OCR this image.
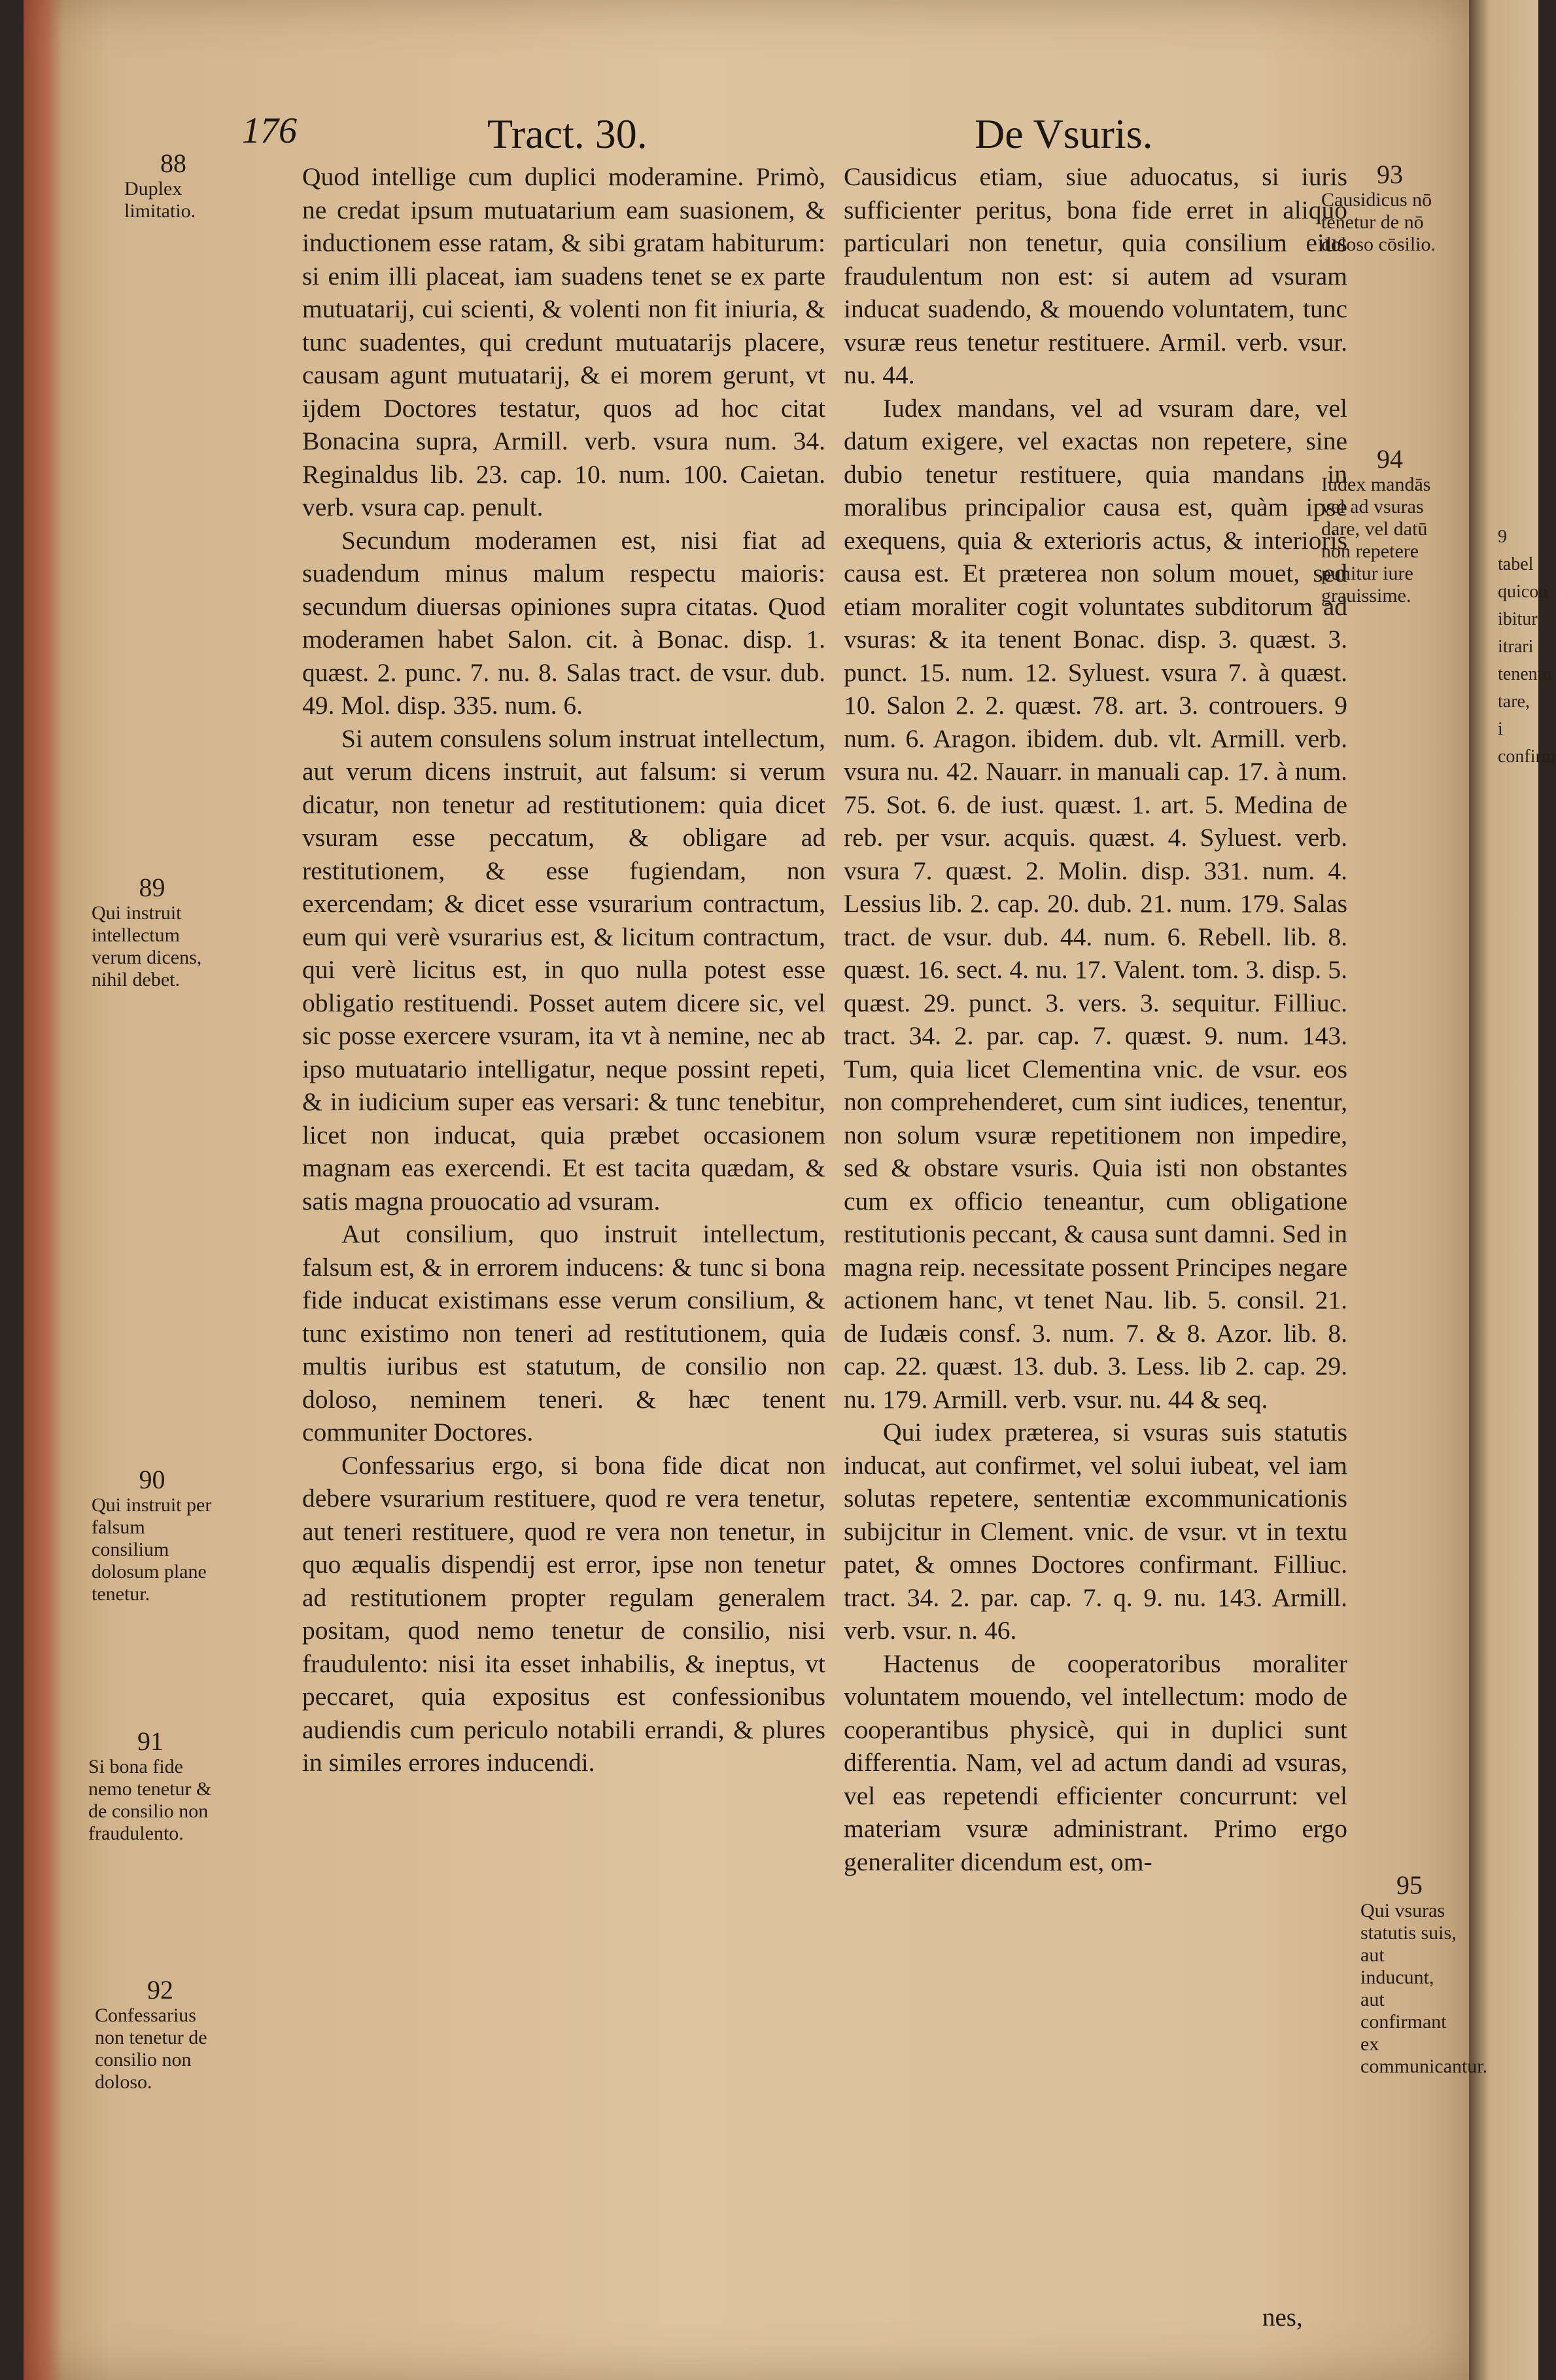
9 tabel quicon ibitur itrari tenentu tare, i confirm
176	Tract. 30.	De Vsuris.
88
Duplex limitatio.
89
Qui instruit intellectum verum dicens, nihil debet.
90
Qui instruit per falsum consilium dolosum plane tenetur.
91
Si bona fide nemo tenetur & de consilio non fraudulento.
92
Confessarius non tenetur de consilio non doloso.
93
Causidicus nō tenetur de nō doloso cōsilio.
94
Iudex mandās vel ad vsuras dare, vel datū non repetere punitur iure grauissime.
95
Qui vsuras statutis suis, aut inducunt, aut confirmant ex communicantur.

Quod intellige cum duplici moderamine. Primò, ne credat ipsum mutuatarium eam suasionem, & inductionem esse ratam, & sibi gratam habiturum: si enim illi placeat, iam suadens tenet se ex parte mutuatarij, cui scienti, & volenti non fit iniuria, & tunc suadentes, qui credunt mutuatarijs placere, causam agunt mutuatarij, & ei morem gerunt, vt ijdem Doctores testatur, quos ad hoc citat Bonacina supra, Armill. verb. vsura num. 34. Reginaldus lib. 23. cap. 10. num. 100. Caietan. verb. vsura cap. penult.

Secundum moderamen est, nisi fiat ad suadendum minus malum respectu maioris: secundum diuersas opiniones supra citatas. Quod moderamen habet Salon. cit. à Bonac. disp. 1. quæst. 2. punc. 7. nu. 8. Salas tract. de vsur. dub. 49. Mol. disp. 335. num. 6.

Si autem consulens solum instruat intellectum, aut verum dicens instruit, aut falsum: si verum dicatur, non tenetur ad restitutionem: quia dicet vsuram esse peccatum, & obligare ad restitutionem, & esse fugiendam, non exercendam; & dicet esse vsurarium contractum, eum qui verè vsurarius est, & licitum contractum, qui verè licitus est, in quo nulla potest esse obligatio restituendi. Posset autem dicere sic, vel sic posse exercere vsuram, ita vt à nemine, nec ab ipso mutuatario intelligatur, neque possint repeti, & in iudicium super eas versari: & tunc tenebitur, licet non inducat, quia præbet occasionem magnam eas exercendi. Et est tacita quædam, & satis magna prouocatio ad vsuram.

Aut consilium, quo instruit intellectum, falsum est, & in errorem inducens: & tunc si bona fide inducat existimans esse verum consilium, & tunc existimo non teneri ad restitutionem, quia multis iuribus est statutum, de consilio non doloso, neminem teneri. & hæc tenent communiter Doctores.

Confessarius ergo, si bona fide dicat non debere vsurarium restituere, quod re vera tenetur, aut teneri restituere, quod re vera non tenetur, in quo æqualis dispendij est error, ipse non tenetur ad restitutionem propter regulam generalem positam, quod nemo tenetur de consilio, nisi fraudulento: nisi ita esset inhabilis, & ineptus, vt peccaret, quia expositus est confessionibus audiendis cum periculo notabili errandi, & plures in similes errores inducendi.

Causidicus etiam, siue aduocatus, si iuris sufficienter peritus, bona fide erret in aliquo particulari non tenetur, quia consilium eius fraudulentum non est: si autem ad vsuram inducat suadendo, & mouendo voluntatem, tunc vsuræ reus tenetur restituere. Armil. verb. vsur. nu. 44.

Iudex mandans, vel ad vsuram dare, vel datum exigere, vel exactas non repetere, sine dubio tenetur restituere, quia mandans in moralibus principalior causa est, quàm ipse exequens, quia & exterioris actus, & interioris causa est. Et præterea non solum mouet, sed etiam moraliter cogit voluntates subditorum ad vsuras: & ita tenent Bonac. disp. 3. quæst. 3. punct. 15. num. 12. Syluest. vsura 7. à quæst. 10. Salon 2. 2. quæst. 78. art. 3. controuers. 9 num. 6. Aragon. ibidem. dub. vlt. Armill. verb. vsura nu. 42. Nauarr. in manuali cap. 17. à num. 75. Sot. 6. de iust. quæst. 1. art. 5. Medina de reb. per vsur. acquis. quæst. 4. Syluest. verb. vsura 7. quæst. 2. Molin. disp. 331. num. 4. Lessius lib. 2. cap. 20. dub. 21. num. 179. Salas tract. de vsur. dub. 44. num. 6. Rebell. lib. 8. quæst. 16. sect. 4. nu. 17. Valent. tom. 3. disp. 5. quæst. 29. punct. 3. vers. 3. sequitur. Filliuc. tract. 34. 2. par. cap. 7. quæst. 9. num. 143. Tum, quia licet Clementina vnic. de vsur. eos non comprehenderet, cum sint iudices, tenentur, non solum vsuræ repetitionem non impedire, sed & obstare vsuris. Quia isti non obstantes cum ex officio teneantur, cum obligatione restitutionis peccant, & causa sunt damni. Sed in magna reip. necessitate possent Principes negare actionem hanc, vt tenet Nau. lib. 5. consil. 21. de Iudæis consf. 3. num. 7. & 8. Azor. lib. 8. cap. 22. quæst. 13. dub. 3. Less. lib 2. cap. 29. nu. 179. Armill. verb. vsur. nu. 44 & seq.

Qui iudex præterea, si vsuras suis statutis inducat, aut confirmet, vel solui iubeat, vel iam solutas repetere, sententiæ excommunicationis subijcitur in Clement. vnic. de vsur. vt in textu patet, & omnes Doctores confirmant. Filliuc. tract. 34. 2. par. cap. 7. q. 9. nu. 143. Armill. verb. vsur. n. 46.

Hactenus de cooperatoribus moraliter voluntatem mouendo, vel intellectum: modo de cooperantibus physicè, qui in duplici sunt differentia. Nam, vel ad actum dandi ad vsuras, vel eas repetendi efficienter concurrunt: vel materiam vsuræ administrant. Primo ergo generaliter dicendum est, om-

nes,
